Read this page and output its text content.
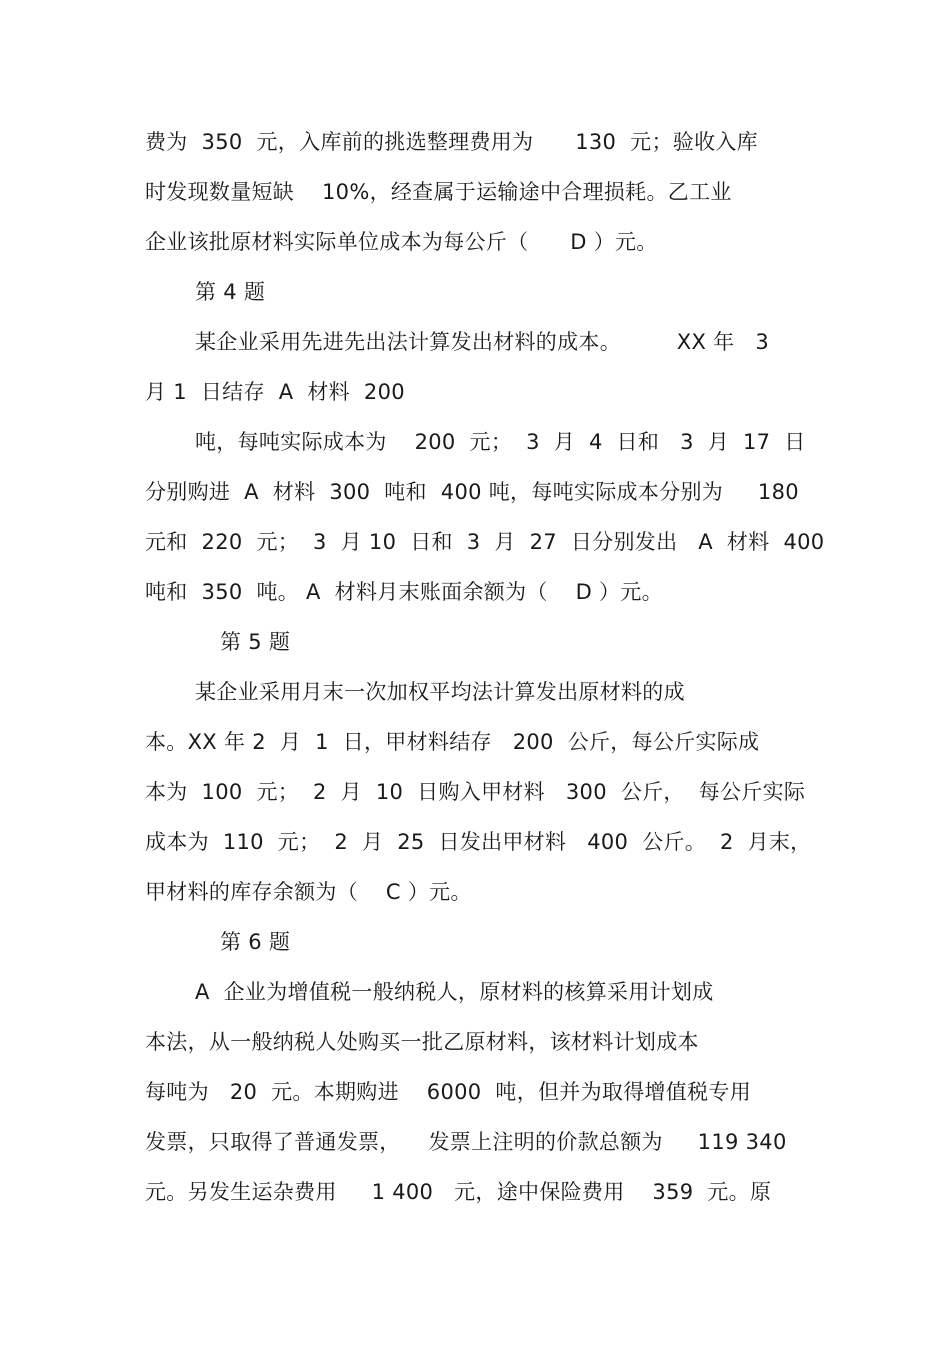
费为  350  元，入库前的挑选整理费用为      130  元；验收入库
时发现数量短缺    10%，经查属于运输途中合理损耗。乙工业
企业该批原材料实际单位成本为每公斤（      D ）元。
第 4 题
某企业采用先进先出法计算发出材料的成本。        XX 年   3
月 1  日结存  A  材料  200
吨，每吨实际成本为    200  元；  3  月  4  日和   3  月  17  日
分别购进  A  材料  300  吨和  400 吨，每吨实际成本分别为     180
元和  220  元；  3  月 10  日和  3  月  27  日分别发出   A  材料  400
吨和  350  吨。 A  材料月末账面余额为（    D ）元。
第 5 题
某企业采用月末一次加权平均法计算发出原材料的成
本。XX 年 2  月  1  日，甲材料结存   200  公斤，每公斤实际成
本为  100  元；  2  月  10  日购入甲材料   300  公斤，  每公斤实际
成本为  110  元；  2  月  25  日发出甲材料   400  公斤。  2  月末，
甲材料的库存余额为（    C ）元。
第 6 题
A  企业为增值税一般纳税人，原材料的核算采用计划成
本法，从一般纳税人处购买一批乙原材料，该材料计划成本
每吨为   20  元。本期购进    6000  吨，但并为取得增值税专用
发票，只取得了普通发票，    发票上注明的价款总额为     119 340
元。另发生运杂费用     1 400   元，途中保险费用    359  元。原
